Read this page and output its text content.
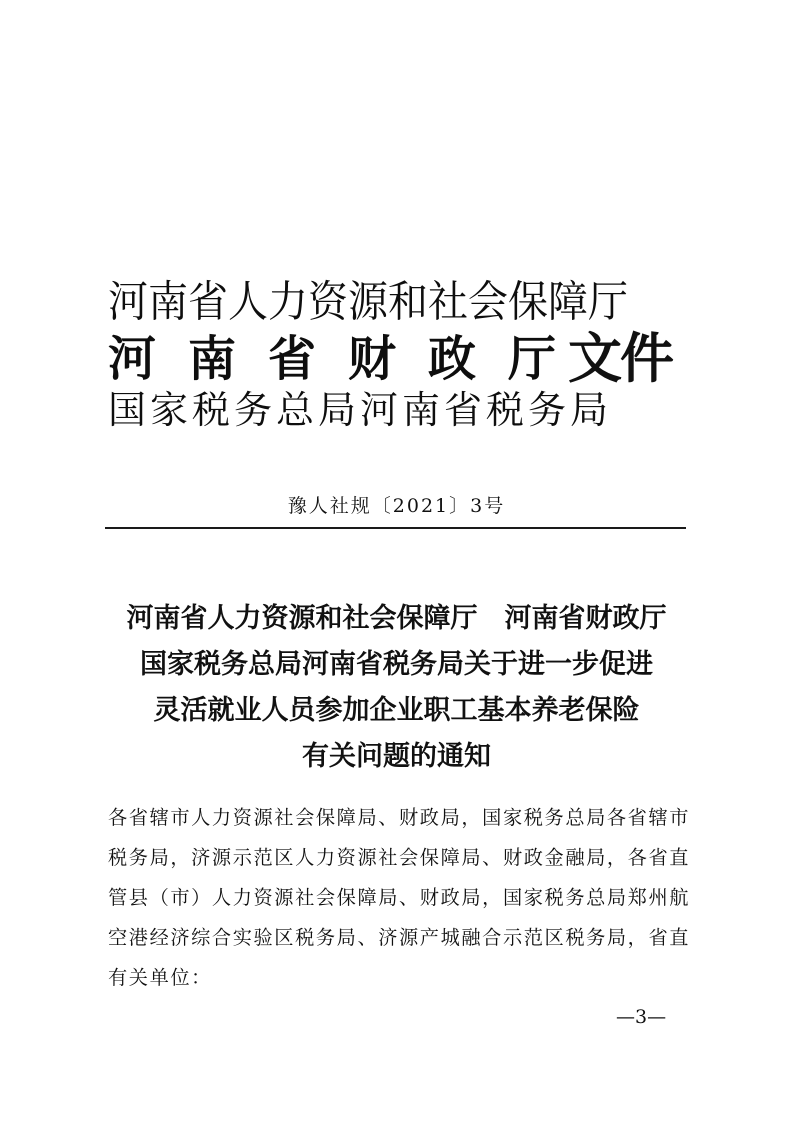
河南省人力资源和社会保障厅
河南省财政厅
国家税务总局河南省税务局
文件
豫人社规〔2021〕3号
河南省人力资源和社会保障厅　河南省财政厅
国家税务总局河南省税务局关于进一步促进
灵活就业人员参加企业职工基本养老保险
有关问题的通知
各省辖市人力资源社会保障局、财政局，国家税务总局各省辖市
税务局，济源示范区人力资源社会保障局、财政金融局，各省直
管县（市）人力资源社会保障局、财政局，国家税务总局郑州航
空港经济综合实验区税务局、济源产城融合示范区税务局，省直
有关单位：
—3—
